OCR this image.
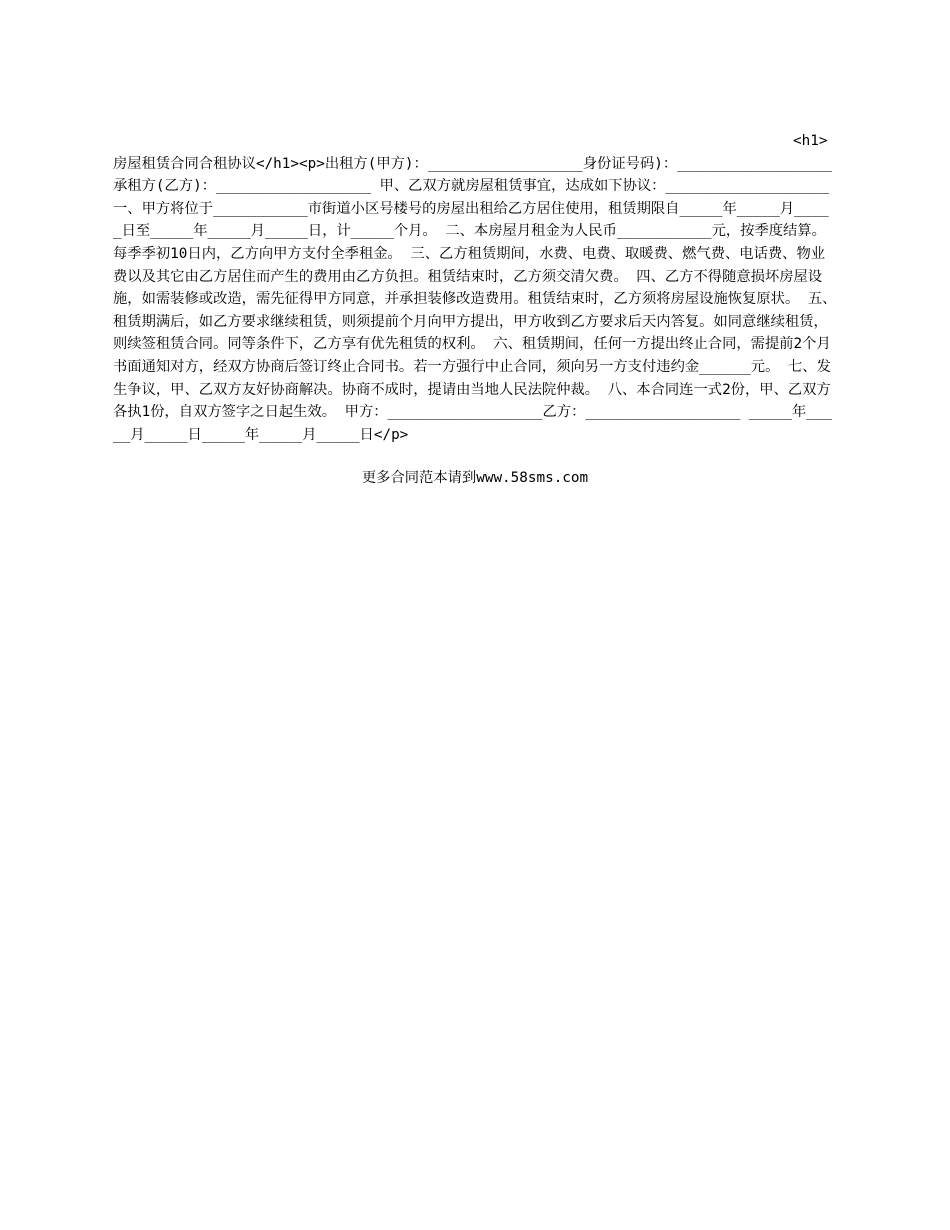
<h1>房屋租赁合同合租协议</h1><p>出租方(甲方)：__________________身份证号码)：__________________ 承租方(乙方)：__________________ 甲、乙双方就房屋租赁事宜，达成如下协议：___________________ 一、甲方将位于___________市街道小区号楼号的房屋出租给乙方居住使用，租赁期限自_____年_____月_____日至_____年_____月_____日，计_____个月。 二、本房屋月租金为人民币___________元，按季度结算。每季季初10日内，乙方向甲方支付全季租金。 三、乙方租赁期间，水费、电费、取暖费、燃气费、电话费、物业费以及其它由乙方居住而产生的费用由乙方负担。租赁结束时，乙方须交清欠费。 四、乙方不得随意损坏房屋设施，如需装修或改造，需先征得甲方同意，并承担装修改造费用。租赁结束时，乙方须将房屋设施恢复原状。 五、租赁期满后，如乙方要求继续租赁，则须提前个月向甲方提出，甲方收到乙方要求后天内答复。如同意继续租赁，则续签租赁合同。同等条件下，乙方享有优先租赁的权利。 六、租赁期间，任何一方提出终止合同，需提前2个月书面通知对方，经双方协商后签订终止合同书。若一方强行中止合同，须向另一方支付违约金______元。 七、发生争议，甲、乙双方友好协商解决。协商不成时，提请由当地人民法院仲裁。 八、本合同连一式2份，甲、乙双方各执1份，自双方签字之日起生效。 甲方：__________________乙方：__________________ _____年_____月_____日_____年_____月_____日</p>
更多合同范本请到www.58sms.com
